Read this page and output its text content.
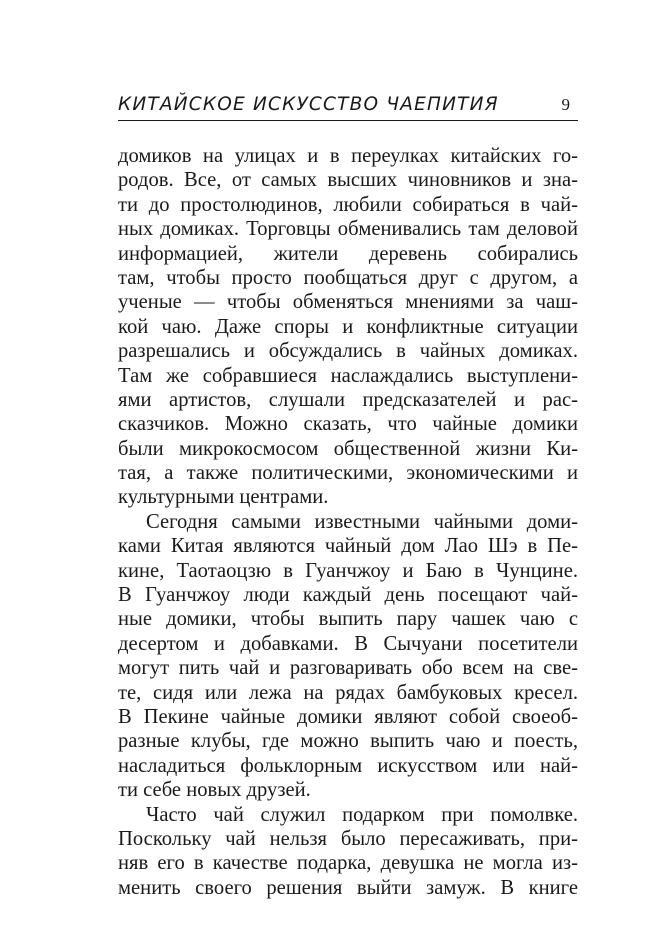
КИТАЙСКОЕ ИСКУССТВО ЧАЕПИТИЯ	9
домиков на улицах и в переулках китайских го-
родов. Все, от самых высших чиновников и зна-
ти до простолюдинов, любили собираться в чай-
ных домиках. Торговцы обменивались там деловой
информацией, жители деревень собирались
там, чтобы просто пообщаться друг с другом, а
ученые — чтобы обменяться мнениями за чаш-
кой чаю. Даже споры и конфликтные ситуации
разрешались и обсуждались в чайных домиках.
Там же собравшиеся наслаждались выступлени-
ями артистов, слушали предсказателей и рас-
сказчиков. Можно сказать, что чайные домики
были микрокосмосом общественной жизни Ки-
тая, а также политическими, экономическими и
культурными центрами.
Сегодня самыми известными чайными доми-
ками Китая являются чайный дом Лао Шэ в Пе-
кине, Таотаоцзю в Гуанчжоу и Баю в Чунцине.
В Гуанчжоу люди каждый день посещают чай-
ные домики, чтобы выпить пару чашек чаю с
десертом и добавками. В Сычуани посетители
могут пить чай и разговаривать обо всем на све-
те, сидя или лежа на рядах бамбуковых кресел.
В Пекине чайные домики являют собой своеоб-
разные клубы, где можно выпить чаю и поесть,
насладиться фольклорным искусством или най-
ти себе новых друзей.
Часто чай служил подарком при помолвке.
Поскольку чай нельзя было пересаживать, при-
няв его в качестве подарка, девушка не могла из-
менить своего решения выйти замуж. В книге
